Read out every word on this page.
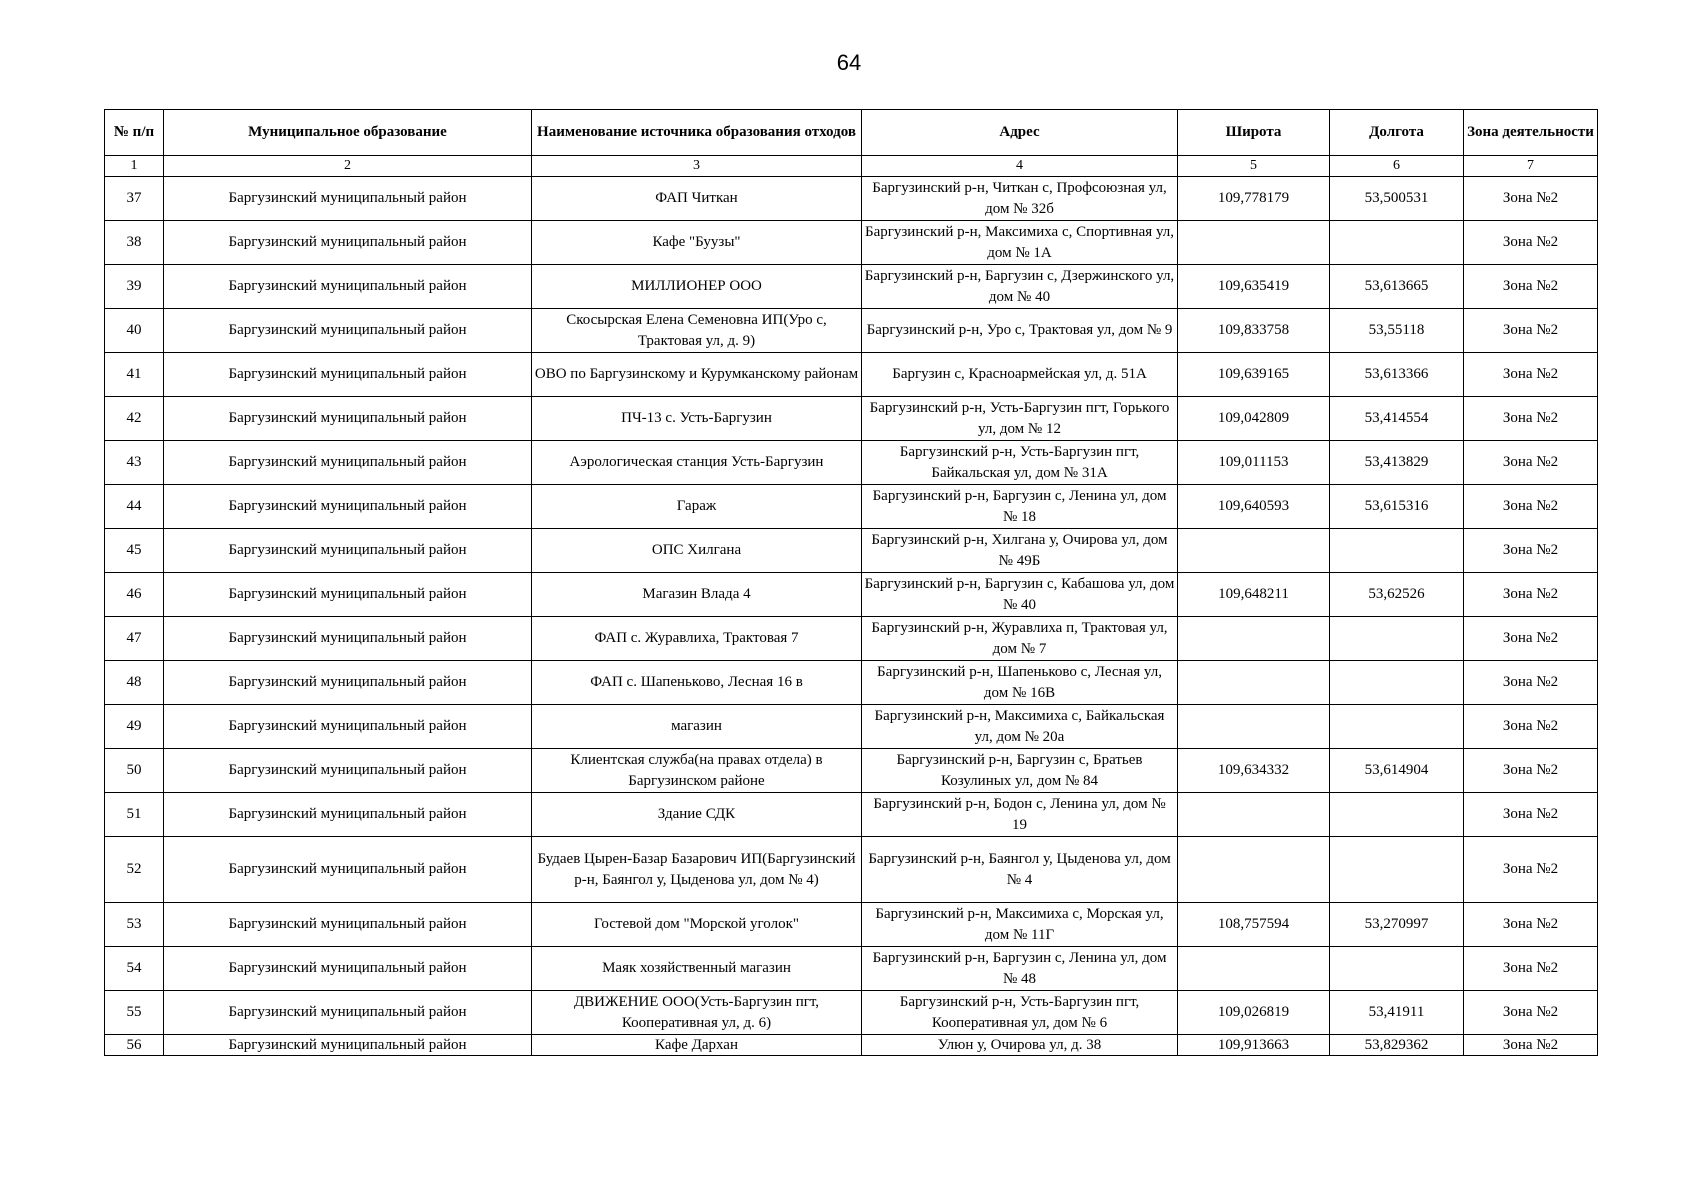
64
№ п/п	Муниципальное образование	Наименование источника образования отходов	Адрес	Широта	Долгота	Зона деятельности
1	2	3	4	5	6	7
37	Баргузинский муниципальный район	ФАП Читкан	Баргузинский р-н, Читкан с, Профсоюзная ул, дом № 32б	109,778179	53,500531	Зона №2
38	Баргузинский муниципальный район	Кафе "Буузы"	Баргузинский р-н, Максимиха с, Спортивная ул, дом № 1А			Зона №2
39	Баргузинский муниципальный район	МИЛЛИОНЕР ООО	Баргузинский р-н, Баргузин с, Дзержинского ул, дом № 40	109,635419	53,613665	Зона №2
40	Баргузинский муниципальный район	Скосырская Елена Семеновна ИП(Уро с, Трактовая ул, д. 9)	Баргузинский р-н, Уро с, Трактовая ул, дом № 9	109,833758	53,55118	Зона №2
41	Баргузинский муниципальный район	ОВО по Баргузинскому и Курумканскому районам	Баргузин с, Красноармейская ул, д. 51А	109,639165	53,613366	Зона №2
42	Баргузинский муниципальный район	ПЧ-13 с. Усть-Баргузин	Баргузинский р-н, Усть-Баргузин пгт, Горького ул, дом № 12	109,042809	53,414554	Зона №2
43	Баргузинский муниципальный район	Аэрологическая станция Усть-Баргузин	Баргузинский р-н, Усть-Баргузин пгт, Байкальская ул, дом № 31А	109,011153	53,413829	Зона №2
44	Баргузинский муниципальный район	Гараж	Баргузинский р-н, Баргузин с, Ленина ул, дом № 18	109,640593	53,615316	Зона №2
45	Баргузинский муниципальный район	ОПС Хилгана	Баргузинский р-н, Хилгана у, Очирова ул, дом № 49Б			Зона №2
46	Баргузинский муниципальный район	Магазин Влада 4	Баргузинский р-н, Баргузин с, Кабашова ул, дом № 40	109,648211	53,62526	Зона №2
47	Баргузинский муниципальный район	ФАП с. Журавлиха, Трактовая 7	Баргузинский р-н, Журавлиха п, Трактовая ул, дом № 7			Зона №2
48	Баргузинский муниципальный район	ФАП с. Шапеньково, Лесная 16 в	Баргузинский р-н, Шапеньково с, Лесная ул, дом № 16В			Зона №2
49	Баргузинский муниципальный район	магазин	Баргузинский р-н, Максимиха с, Байкальская ул, дом № 20а			Зона №2
50	Баргузинский муниципальный район	Клиентская служба(на правах отдела) в Баргузинском районе	Баргузинский р-н, Баргузин с, Братьев Козулиных ул, дом № 84	109,634332	53,614904	Зона №2
51	Баргузинский муниципальный район	Здание СДК	Баргузинский р-н, Бодон с, Ленина ул, дом № 19			Зона №2
52	Баргузинский муниципальный район	Будаев Цырен-Базар Базарович ИП(Баргузинский р-н, Баянгол у, Цыденова ул, дом № 4)	Баргузинский р-н, Баянгол у, Цыденова ул, дом № 4			Зона №2
53	Баргузинский муниципальный район	Гостевой дом "Морской уголок"	Баргузинский р-н, Максимиха с, Морская ул, дом № 11Г	108,757594	53,270997	Зона №2
54	Баргузинский муниципальный район	Маяк хозяйственный магазин	Баргузинский р-н, Баргузин с, Ленина ул, дом № 48			Зона №2
55	Баргузинский муниципальный район	ДВИЖЕНИЕ ООО(Усть-Баргузин пгт, Кооперативная ул, д. 6)	Баргузинский р-н, Усть-Баргузин пгт, Кооперативная ул, дом № 6	109,026819	53,41911	Зона №2
56	Баргузинский муниципальный район	Кафе Дархан	Улюн у, Очирова ул, д. 38	109,913663	53,829362	Зона №2
